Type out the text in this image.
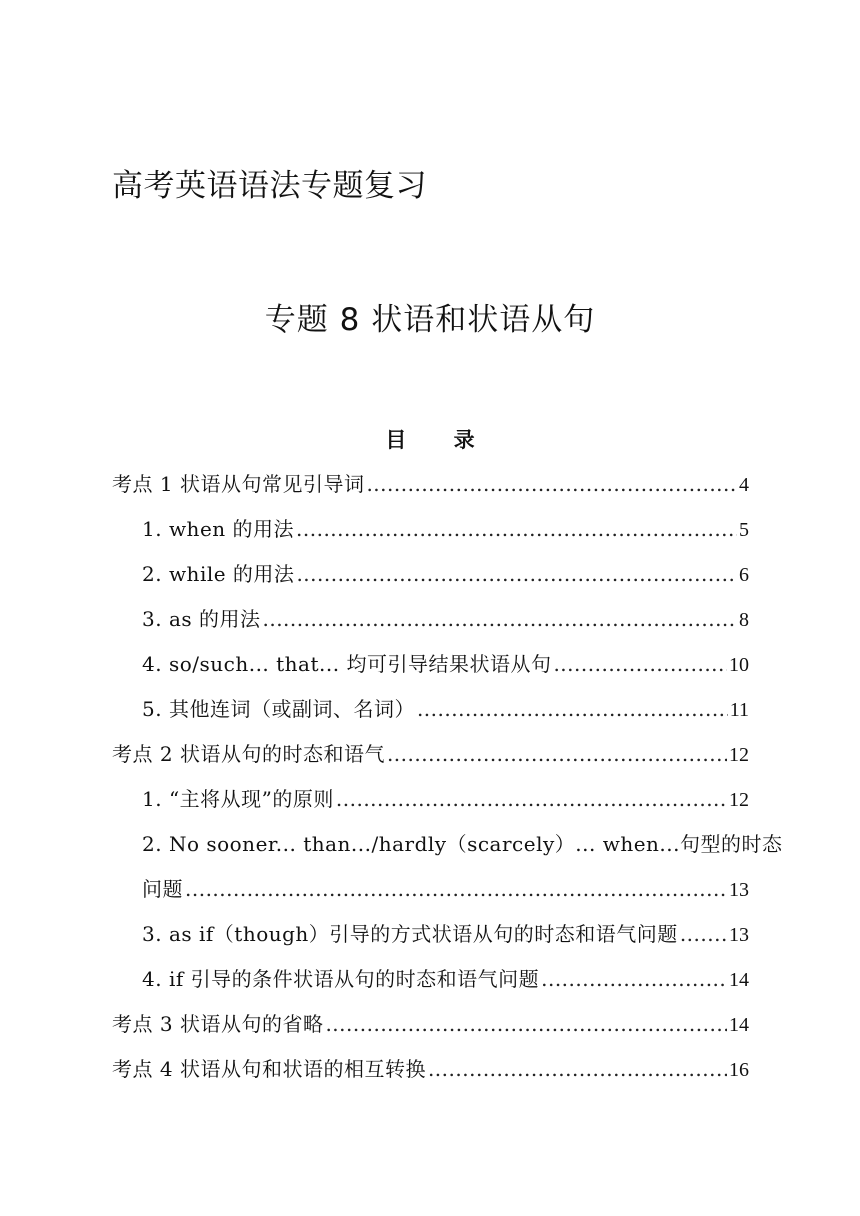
高考英语语法专题复习
专题 8 状语和状语从句
目 录
考点 1 状语从句常见引导词 .....	4
1. when 的用法 .....	5
2. while 的用法 .....	6
3. as 的用法 .....	8
4. so/such... that... 均可引导结果状语从句 .....	10
5. 其他连词（或副词、名词） .....	11
考点 2 状语从句的时态和语气 .....	12
1. “主将从现”的原则 .....	12
2. No sooner... than.../hardly（scarcely）... when... 句型的时态
问题 .....	13
3. as if（though）引导的方式状语从句的时态和语气问题 .....	13
4. if 引导的条件状语从句的时态和语气问题 .....	14
考点 3 状语从句的省略 .....	14
考点 4 状语从句和状语的相互转换 .....	16
